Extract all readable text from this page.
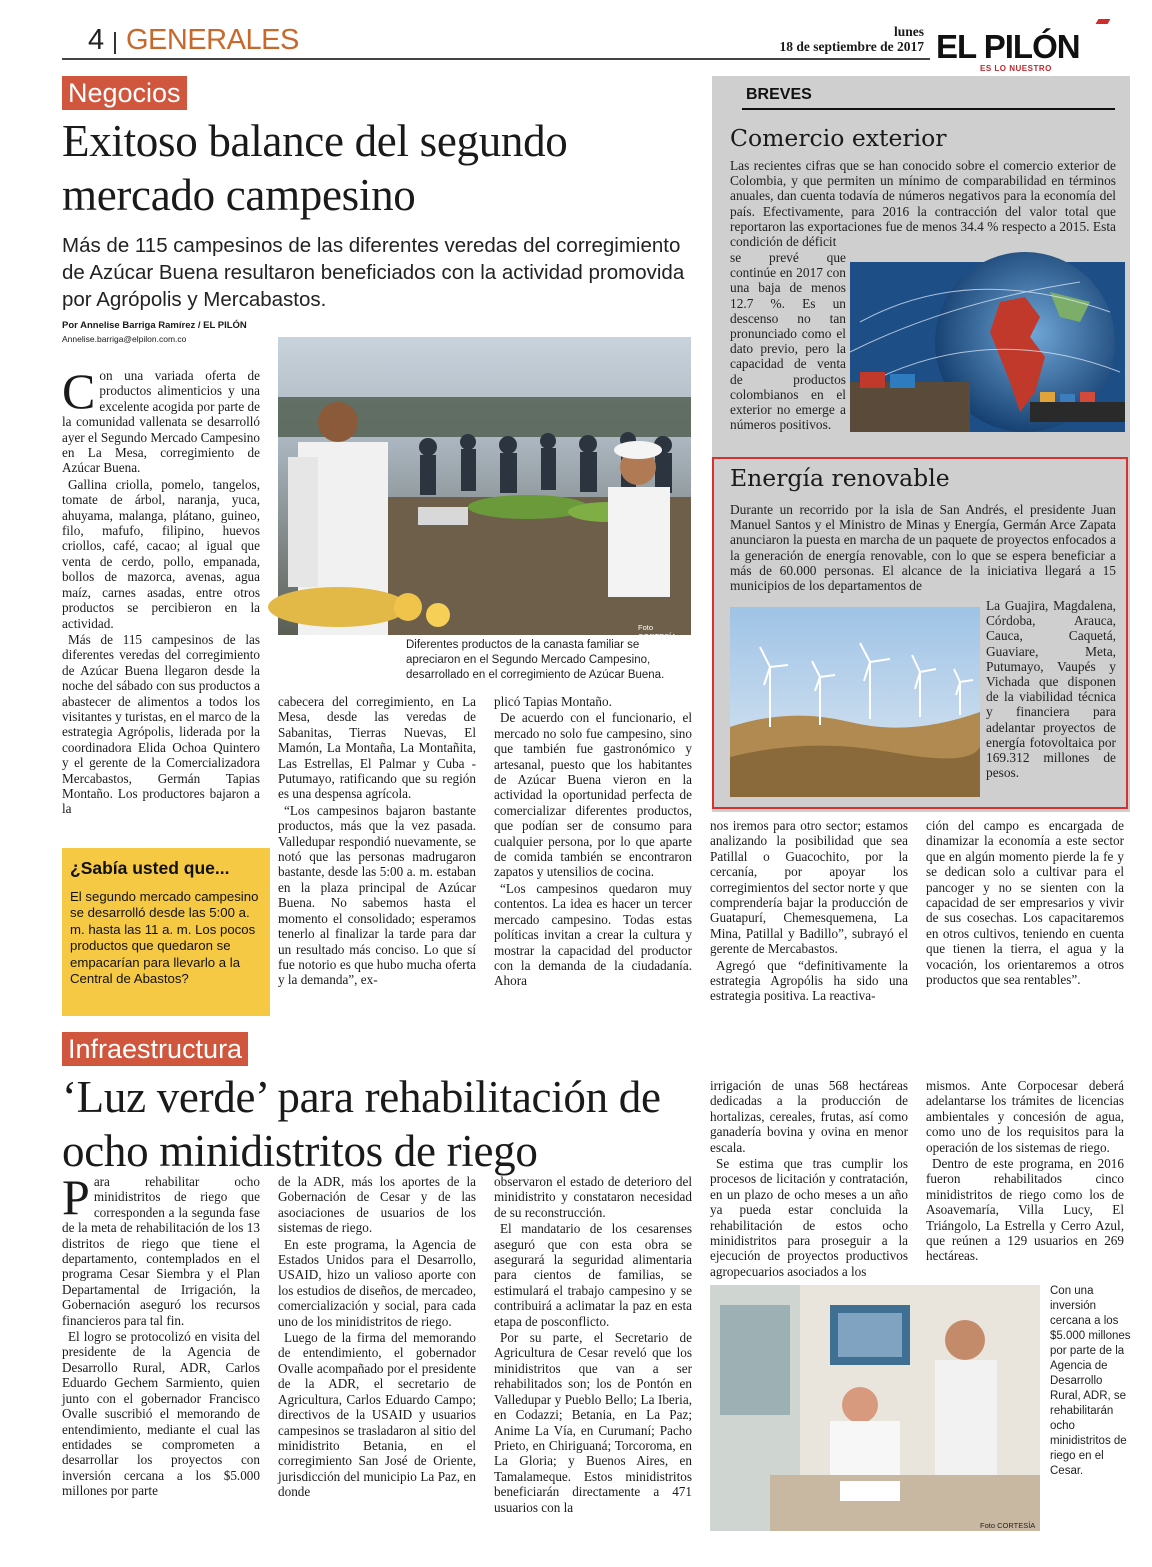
4 GENERALES	lunes
18 de septiembre de 2017 EL PILÓN
ES LO NUESTRO
Negocios
Exitoso balance del segundo mercado campesino
Más de 115 campesinos de las diferentes veredas del corregimiento de Azúcar Buena resultaron beneficiados con la actividad promovida por Agrópolis y Mercabastos.
Por Annelise Barriga Ramírez / EL PILÓN
Annelise.barriga@elpilon.com.co

Con una variada oferta de productos alimenticios y una excelente acogida por parte de la comunidad vallenata se desarrolló ayer el Segundo Mercado Campesino en La Mesa, corregimiento de Azúcar Buena.

Gallina criolla, pomelo, tangelos, tomate de árbol, naranja, yuca, ahuyama, malanga, plátano, guineo, filo, mafufo, filipino, huevos criollos, café, cacao; al igual que venta de cerdo, pollo, empanada, bollos de mazorca, avenas, agua maíz, carnes asadas, entre otros productos se percibieron en la actividad.

Más de 115 campesinos de las diferentes veredas del corregimiento de Azúcar Buena llegaron desde la noche del sábado con sus productos a abastecer de alimentos a todos los visitantes y turistas, en el marco de la estrategia Agrópolis, liderada por la coordinadora Elida Ochoa Quintero y el gerente de la Comercializadora Mercabastos, Germán Tapias Montaño. Los productores bajaron a la

Foto CORTESÍA
Diferentes productos de la canasta familiar se apreciaron en el Segundo Mercado Campesino, desarrollado en el corregimiento de Azúcar Buena.

cabecera del corregimiento, en La Mesa, desde las veredas de Sabanitas, Tierras Nuevas, El Mamón, La Montaña, La Montañita, Las Estrellas, El Palmar y Cuba - Putumayo, ratificando que su región es una despensa agrícola.

“Los campesinos bajaron bastante productos, más que la vez pasada. Valledupar respondió nuevamente, se notó que las personas madrugaron bastante, desde las 5:00 a. m. estaban en la plaza principal de Azúcar Buena. No sabemos hasta el momento el consolidado; esperamos tenerlo al finalizar la tarde para dar un resultado más conciso. Lo que sí fue notorio es que hubo mucha oferta y la demanda”, ex-

plicó Tapias Montaño.

De acuerdo con el funcionario, el mercado no solo fue campesino, sino que también fue gastronómico y artesanal, puesto que los habitantes de Azúcar Buena vieron en la actividad la oportunidad perfecta de comercializar diferentes productos, que podían ser de consumo para cualquier persona, por lo que aparte de comida también se encontraron zapatos y utensilios de cocina.

“Los campesinos quedaron muy contentos. La idea es hacer un tercer mercado campesino. Todas estas políticas invitan a crear la cultura y mostrar la capacidad del productor con la demanda de la ciudadanía. Ahora

nos iremos para otro sector; estamos analizando la posibilidad que sea Patillal o Guacochito, por la cercanía, por apoyar los corregimientos del sector norte y que comprendería bajar la producción de Guatapurí, Chemesquemena, La Mina, Patillal y Badillo”, subrayó el gerente de Mercabastos.

Agregó que “definitivamente la estrategia Agropólis ha sido una estrategia positiva. La reactiva-

ción del campo es encargada de dinamizar la economía a este sector que en algún momento pierde la fe y se dedican solo a cultivar para el pancoger y no se sienten con la capacidad de ser empresarios y vivir de sus cosechas. Los capacitaremos en otros cultivos, teniendo en cuenta que tienen la tierra, el agua y la vocación, los orientaremos a otros productos que sea rentables”.

¿Sabía usted que...
El segundo mercado campesino se desarrolló desde las 5:00 a. m. hasta las 11 a. m. Los pocos productos que quedaron se empacarían para llevarlo a la Central de Abastos?
BREVES
Comercio exterior
Las recientes cifras que se han conocido sobre el comercio exterior de Colombia, y que permiten un mínimo de comparabilidad en términos anuales, dan cuenta todavía de números negativos para la economía del país. Efectivamente, para 2016 la contracción del valor total que reportaron las exportaciones fue de menos 34.4 % respecto a 2015. Esta condición de déficit
se prevé que continúe en 2017 con una baja de menos 12.7 %. Es un descenso no tan pronunciado como el dato previo, pero la capacidad de venta de productos colombianos en el exterior no emerge a números positivos.
Energía renovable
Durante un recorrido por la isla de San Andrés, el presidente Juan Manuel Santos y el Ministro de Minas y Energía, Germán Arce Zapata anunciaron la puesta en marcha de un paquete de proyectos enfocados a la generación de energía renovable, con lo que se espera beneficiar a más de 60.000 personas. El alcance de la iniciativa llegará a 15 municipios de los departamentos de
La Guajira, Magdalena, Córdoba, Arauca, Cauca, Caquetá, Guaviare, Meta, Putumayo, Vaupés y Vichada que disponen de la viabilidad técnica y financiera para adelantar proyectos de energía fotovoltaica por 169.312 millones de pesos.
Infraestructura
‘Luz verde’ para rehabilitación de ocho minidistritos de riego

Para rehabilitar ocho minidistritos de riego que corresponden a la segunda fase de la meta de rehabilitación de los 13 distritos de riego que tiene el departamento, contemplados en el programa Cesar Siembra y el Plan Departamental de Irrigación, la Gobernación aseguró los recursos financieros para tal fin.

El logro se protocolizó en visita del presidente de la Agencia de Desarrollo Rural, ADR, Carlos Eduardo Gechem Sarmiento, quien junto con el gobernador Francisco Ovalle suscribió el memorando de entendimiento, mediante el cual las entidades se comprometen a desarrollar los proyectos con inversión cercana a los $5.000 millones por parte

de la ADR, más los aportes de la Gobernación de Cesar y de las asociaciones de usuarios de los sistemas de riego.

En este programa, la Agencia de Estados Unidos para el Desarrollo, USAID, hizo un valioso aporte con los estudios de diseños, de mercadeo, comercialización y social, para cada uno de los minidistritos de riego.

Luego de la firma del memorando de entendimiento, el gobernador Ovalle acompañado por el presidente de la ADR, el secretario de Agricultura, Carlos Eduardo Campo; directivos de la USAID y usuarios campesinos se trasladaron al sitio del minidistrito Betania, en el corregimiento San José de Oriente, jurisdicción del municipio La Paz, en donde

observaron el estado de deterioro del minidistrito y constataron necesidad de su reconstrucción.

El mandatario de los cesarenses aseguró que con esta obra se asegurará la seguridad alimentaria para cientos de familias, se estimulará el trabajo campesino y se contribuirá a aclimatar la paz en esta etapa de posconflicto.

Por su parte, el Secretario de Agricultura de Cesar reveló que los minidistritos que van a ser rehabilitados son; los de Pontón en Valledupar y Pueblo Bello; La Iberia, en Codazzi; Betania, en La Paz; Anime La Vía, en Curumaní; Pacho Prieto, en Chiriguaná; Torcoroma, en La Gloria; y Buenos Aires, en Tamalameque. Estos minidistritos beneficiarán directamente a 471 usuarios con la

irrigación de unas 568 hectáreas dedicadas a la producción de hortalizas, cereales, frutas, así como ganadería bovina y ovina en menor escala.

Se estima que tras cumplir los procesos de licitación y contratación, en un plazo de ocho meses a un año ya pueda estar concluida la rehabilitación de estos ocho minidistritos para proseguir a la ejecución de proyectos productivos agropecuarios asociados a los

mismos. Ante Corpocesar deberá adelantarse los trámites de licencias ambientales y concesión de agua, como uno de los requisitos para la operación de los sistemas de riego.

Dentro de este programa, en 2016 fueron rehabilitados cinco minidistritos de riego como los de Asoavemaría, Villa Lucy, El Triángolo, La Estrella y Cerro Azul, que reúnen a 129 usuarios en 269 hectáreas.

Foto CORTESÍA
Con una inversión cercana a los $5.000 millones por parte de la Agencia de Desarrollo Rural, ADR, se rehabilitarán ocho minidistritos de riego en el Cesar.
